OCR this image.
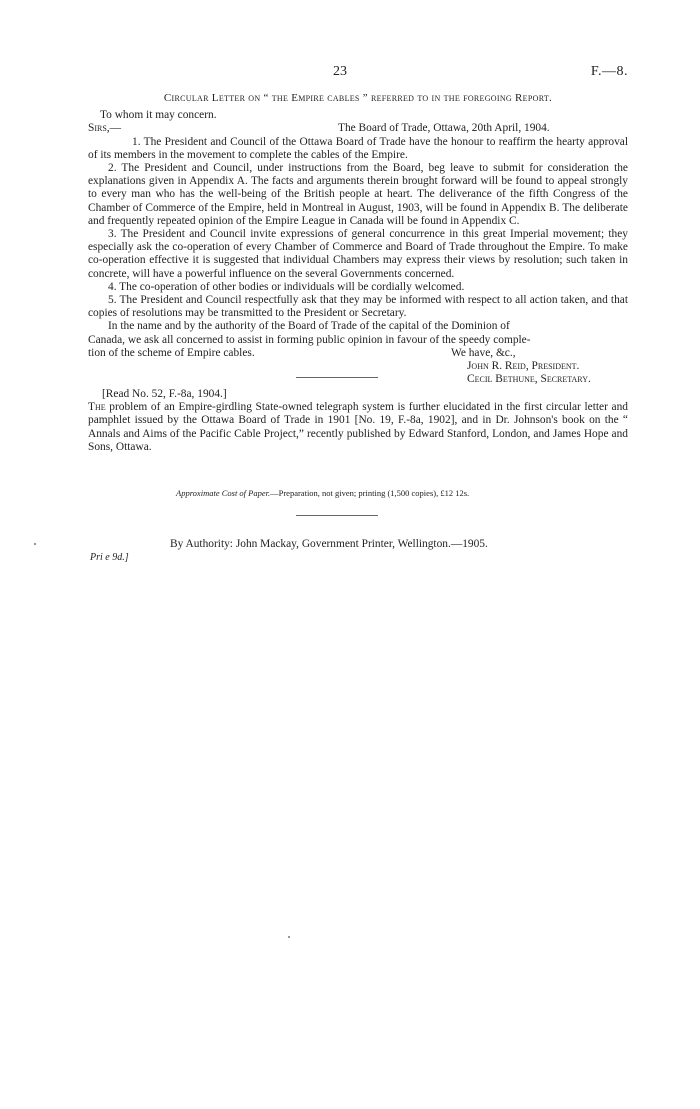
23	F.—8.

Circular Letter on “ the Empire cables ” referred to in the foregoing Report.

To whom it may concern.

Sirs,—	The Board of Trade, Ottawa, 20th April, 1904.

1. The President and Council of the Ottawa Board of Trade have the honour to reaffirm the hearty approval of its members in the movement to complete the cables of the Empire.

2. The President and Council, under instructions from the Board, beg leave to submit for consideration the explanations given in Appendix A. The facts and arguments therein brought forward will be found to appeal strongly to every man who has the well-being of the British people at heart. The deliverance of the fifth Congress of the Chamber of Commerce of the Empire, held in Montreal in August, 1903, will be found in Appendix B. The deliberate and frequently repeated opinion of the Empire League in Canada will be found in Appendix C.

3. The President and Council invite expressions of general concurrence in this great Imperial movement; they especially ask the co-operation of every Chamber of Commerce and Board of Trade throughout the Empire. To make co-operation effective it is suggested that individual Chambers may express their views by resolution; such taken in concrete, will have a powerful influence on the several Governments concerned.

4. The co-operation of other bodies or individuals will be cordially welcomed.

5. The President and Council respectfully ask that they may be informed with respect to all action taken, and that copies of resolutions may be transmitted to the President or Secretary.

In the name and by the authority of the Board of Trade of the capital of the Dominion of

Canada, we ask all concerned to assist in forming public opinion in favour of the speedy comple-

tion of the scheme of Empire cables.	We have, &c.,
John R. Reid, President.
Cecil Bethune, Secretary.

[Read No. 52, F.-8a, 1904.]

The problem of an Empire-girdling State-owned telegraph system is further elucidated in the first circular letter and pamphlet issued by the Ottawa Board of Trade in 1901 [No. 19, F.-8a, 1902], and in Dr. Johnson's book on the “ Annals and Aims of the Pacific Cable Project,” recently published by Edward Stanford, London, and James Hope and Sons, Ottawa.

Approximate Cost of Paper.—Preparation, not given; printing (1,500 copies), £12 12s.
By Authority: John Mackay, Government Printer, Wellington.—1905.
Pri e 9d.]
